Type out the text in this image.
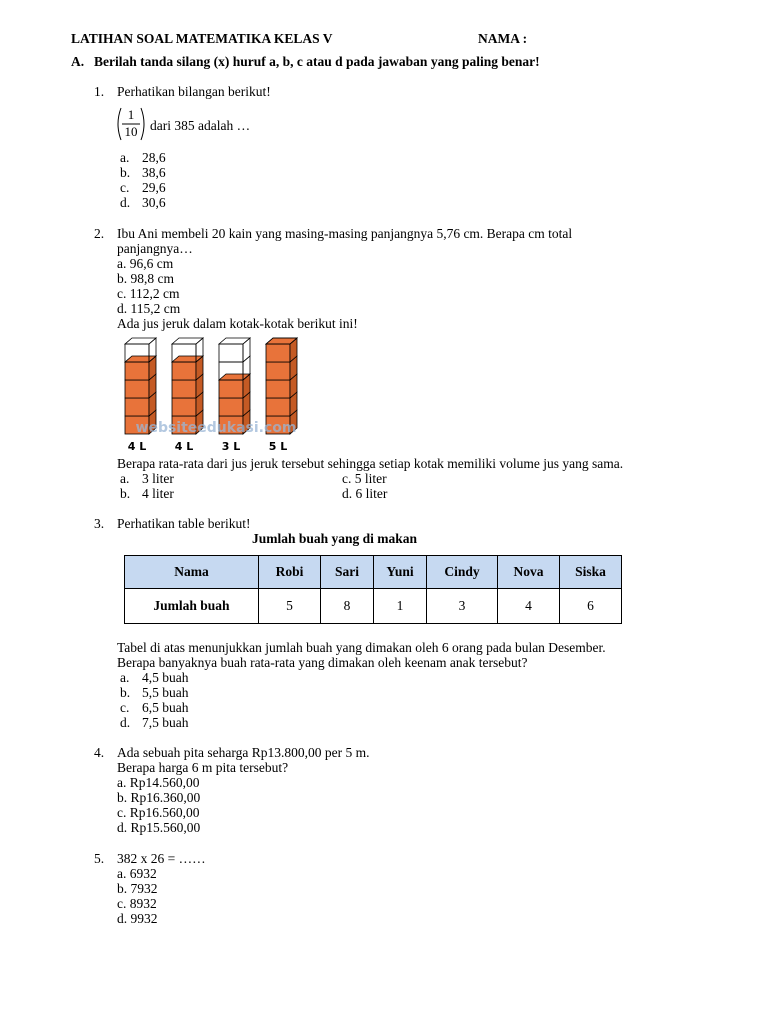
LATIHAN SOAL MATEMATIKA KELAS V	NAMA :
A. Berilah tanda silang (x) huruf a, b, c atau d pada jawaban yang paling benar!
1. Perhatikan bilangan berikut!
1
10 dari 385 adalah …
a. 28,6
b. 38,6
c. 29,6
d. 30,6
2. Ibu Ani membeli 20 kain yang masing-masing panjangnya 5,76 cm. Berapa cm total
panjangnya…
a. 96,6 cm
b. 98,8 cm
c. 112,2 cm
d. 115,2 cm
Ada jus jeruk dalam kotak-kotak berikut ini!
4 L	4 L	3 L	5 L
websiteedukasi.com
Berapa rata-rata dari jus jeruk tersebut sehingga setiap kotak memiliki volume jus yang sama.
a. 3 liter
b. 4 liter
c. 5 liter
d. 6 liter
3. Perhatikan table berikut!
Jumlah buah yang di makan
Nama	Robi	Sari	Yuni	Cindy	Nova	Siska
Jumlah buah	5	8	1	3	4	6
Tabel di atas menunjukkan jumlah buah yang dimakan oleh 6 orang pada bulan Desember.
Berapa banyaknya buah rata-rata yang dimakan oleh keenam anak tersebut?
a. 4,5 buah
b. 5,5 buah
c. 6,5 buah
d. 7,5 buah
4. Ada sebuah pita seharga Rp13.800,00 per 5 m.
Berapa harga 6 m pita tersebut?
a. Rp14.560,00
b. Rp16.360,00
c. Rp16.560,00
d. Rp15.560,00
5. 382 x 26 = ……
a. 6932
b. 7932
c. 8932
d. 9932
